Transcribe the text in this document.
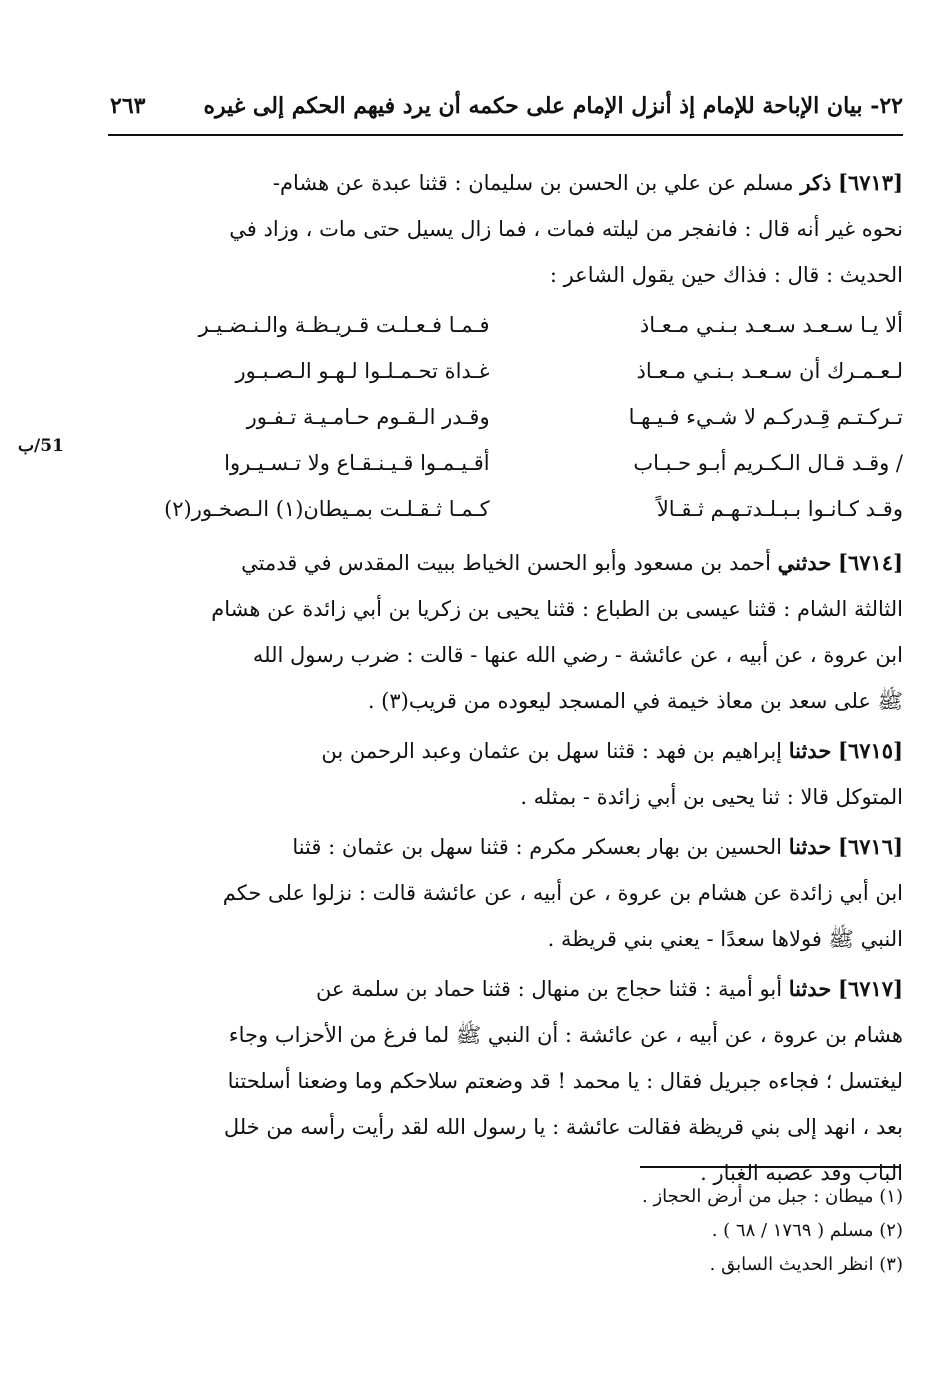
٢٢- بيان الإباحة للإمام إذ أنزل الإمام على حكمه أن يرد فيهم الحكم إلى غيره
٢٦٣
51/ب

[٦٧١٣] ذكر مسلم عن علي بن الحسن بن سليمان : قثنا عبدة عن هشام-

نحوه غير أنه قال : فانفجر من ليلته فمات ، فما زال يسيل حتى مات ، وزاد في

الحديث : قال : فذاك حين يقول الشاعر :

ألا يـا سـعـد سـعـد بـنـي مـعـاذ
فـمـا فـعـلـت قـريـظـة والـنـضـيـر
لـعـمـرك أن سـعـد بـنـي مـعـاذ
غـداة تحـمـلـوا لـهـو الـصـبـور
تـركـتـم قِـدركـم لا شـيء فـيـهـا
وقـدر الـقـوم حـامـيـة تـفـور
/ وقـد قـال الـكـريم أبـو حـبـاب
أقـيـمـوا قـيـنـقـاع ولا تـسـيـروا
وقـد كـانـوا بـبـلـدتـهـم ثـقـالاً
كـمـا ثـقـلـت بمـيطان(١) الـصخـور(٢)

[٦٧١٤] حدثني أحمد بن مسعود وأبو الحسن الخياط ببيت المقدس في قدمتي

الثالثة الشام : قثنا عيسى بن الطباع : قثنا يحيى بن زكريا بن أبي زائدة عن هشام

ابن عروة ، عن أبيه ، عن عائشة - رضي الله عنها - قالت : ضرب رسول الله

ﷺ على سعد بن معاذ خيمة في المسجد ليعوده من قريب(٣) .

[٦٧١٥] حدثنا إبراهيم بن فهد : قثنا سهل بن عثمان وعبد الرحمن بن

المتوكل قالا : ثنا يحيى بن أبي زائدة - بمثله .

[٦٧١٦] حدثنا الحسين بن بهار بعسكر مكرم : قثنا سهل بن عثمان : قثنا

ابن أبي زائدة عن هشام بن عروة ، عن أبيه ، عن عائشة قالت : نزلوا على حكم

النبي ﷺ فولاها سعدًا - يعني بني قريظة .

[٦٧١٧] حدثنا أبو أمية : قثنا حجاج بن منهال : قثنا حماد بن سلمة عن

هشام بن عروة ، عن أبيه ، عن عائشة : أن النبي ﷺ لما فرغ من الأحزاب وجاء

ليغتسل ؛ فجاءه جبريل فقال : يا محمد ! قد وضعتم سلاحكم وما وضعنا أسلحتنا

بعد ، انهد إلى بني قريظة فقالت عائشة : يا رسول الله لقد رأيت رأسه من خلل

الباب وقد عصبه الغبار .

(١) ميطان : جبل من أرض الحجاز .
(٢) مسلم ( ١٧٦٩ / ٦٨ ) .
(٣) انظر الحديث السابق .
